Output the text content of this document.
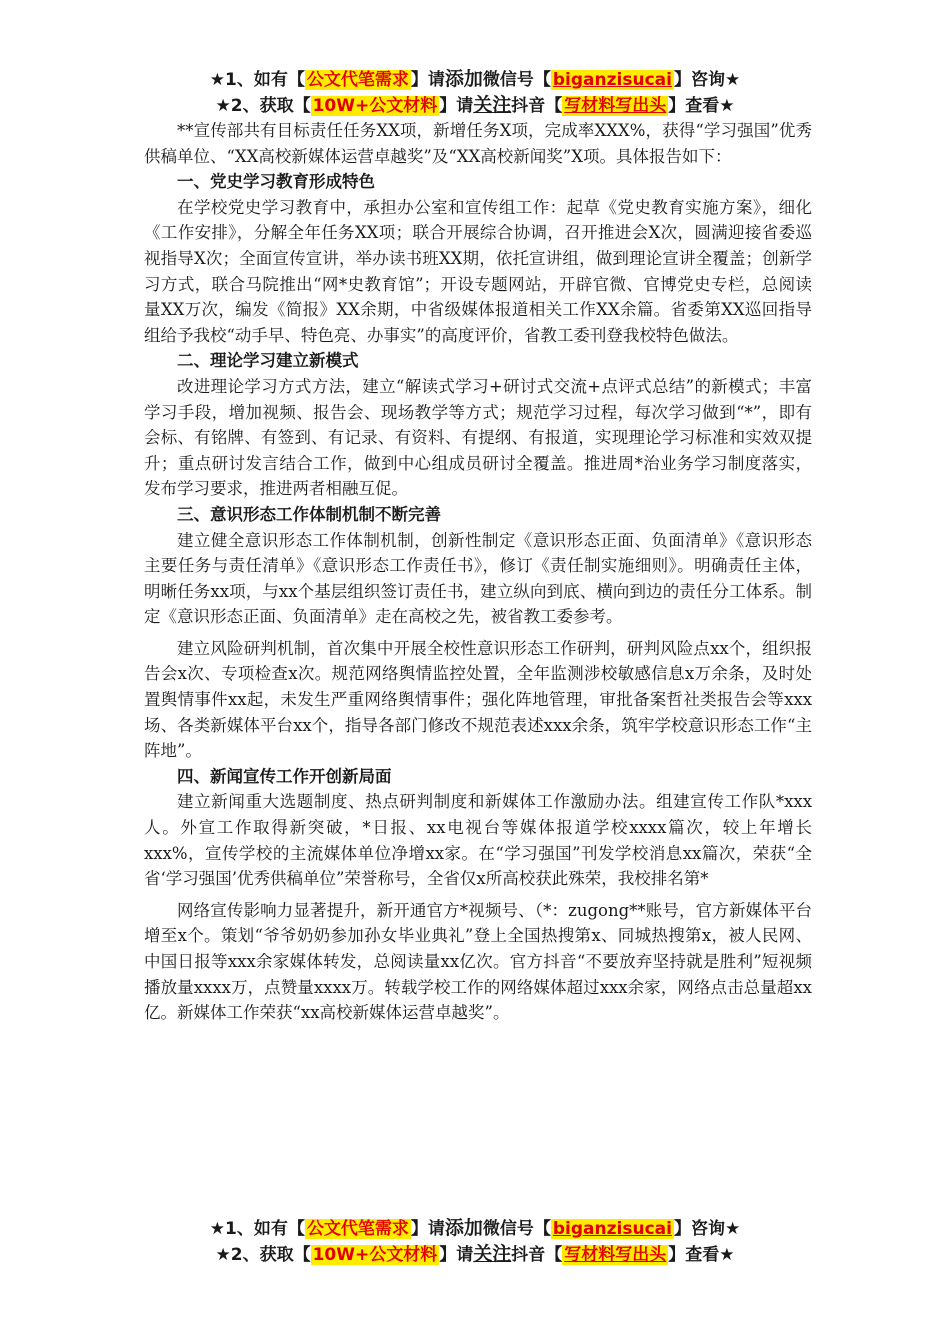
★1、如有【 公文代笔需求 】请添加微信号【 biganzisucai 】咨询★
★2、获取【 10W+公文材料 】请关注抖音【 写材料写出头 】查看★

**宣传部共有目标责任任务XX项，新增任务X项，完成率XXX%，获得“学习强国”优秀供稿单位、“XX高校新媒体运营卓越奖”及“XX高校新闻奖”X项。具体报告如下：

一、党史学习教育形成特色

在学校党史学习教育中，承担办公室和宣传组工作：起草《党史教育实施方案》，细化《工作安排》，分解全年任务XX项；联合开展综合协调，召开推进会X次，圆满迎接省委巡视指导X次；全面宣传宣讲，举办读书班XX期，依托宣讲组，做到理论宣讲全覆盖；创新学习方式，联合马院推出“网*史教育馆”；开设专题网站，开辟官微、官博党史专栏，总阅读量XX万次，编发《简报》XX余期，中省级媒体报道相关工作XX余篇。省委第XX巡回指导组给予我校“动手早、特色亮、办事实”的高度评价，省教工委刊登我校特色做法。

二、理论学习建立新模式

改进理论学习方式方法，建立“解读式学习+研讨式交流+点评式总结”的新模式；丰富学习手段，增加视频、报告会、现场教学等方式；规范学习过程，每次学习做到“*”，即有会标、有铭牌、有签到、有记录、有资料、有提纲、有报道，实现理论学习标准和实效双提升；重点研讨发言结合工作，做到中心组成员研讨全覆盖。推进周*治业务学习制度落实，发布学习要求，推进两者相融互促。

三、意识形态工作体制机制不断完善

建立健全意识形态工作体制机制，创新性制定《意识形态正面、负面清单》《意识形态主要任务与责任清单》《意识形态工作责任书》，修订《责任制实施细则》。明确责任主体，明晰任务xx项，与xx个基层组织签订责任书，建立纵向到底、横向到边的责任分工体系。制定《意识形态正面、负面清单》走在高校之先，被省教工委参考。

建立风险研判机制，首次集中开展全校性意识形态工作研判，研判风险点xx个，组织报告会x次、专项检查x次。规范网络舆情监控处置，全年监测涉校敏感信息x万余条，及时处置舆情事件xx起，未发生严重网络舆情事件；强化阵地管理，审批备案哲社类报告会等xxx场、各类新媒体平台xx个，指导各部门修改不规范表述xxx余条，筑牢学校意识形态工作“主阵地”。

四、新闻宣传工作开创新局面

建立新闻重大选题制度、热点研判制度和新媒体工作激励办法。组建宣传工作队*xxx人。外宣工作取得新突破，*日报、xx电视台等媒体报道学校xxxx篇次，较上年增长xxx%，宣传学校的主流媒体单位净增xx家。在“学习强国”刊发学校消息xx篇次，荣获“全省‘学习强国’优秀供稿单位”荣誉称号，全省仅x所高校获此殊荣，我校排名第*

网络宣传影响力显著提升，新开通官方*视频号、（*：zugong**账号，官方新媒体平台增至x个。策划“爷爷奶奶参加孙女毕业典礼”登上全国热搜第x、同城热搜第x，被人民网、中国日报等xxx余家媒体转发，总阅读量xx亿次。官方抖音“不要放弃坚持就是胜利”短视频播放量xxxx万，点赞量xxxx万。转载学校工作的网络媒体超过xxx余家，网络点击总量超xx亿。新媒体工作荣获“xx高校新媒体运营卓越奖”。

★1、如有【 公文代笔需求 】请添加微信号【 biganzisucai 】咨询★
★2、获取【 10W+公文材料 】请关注抖音【 写材料写出头 】查看★
